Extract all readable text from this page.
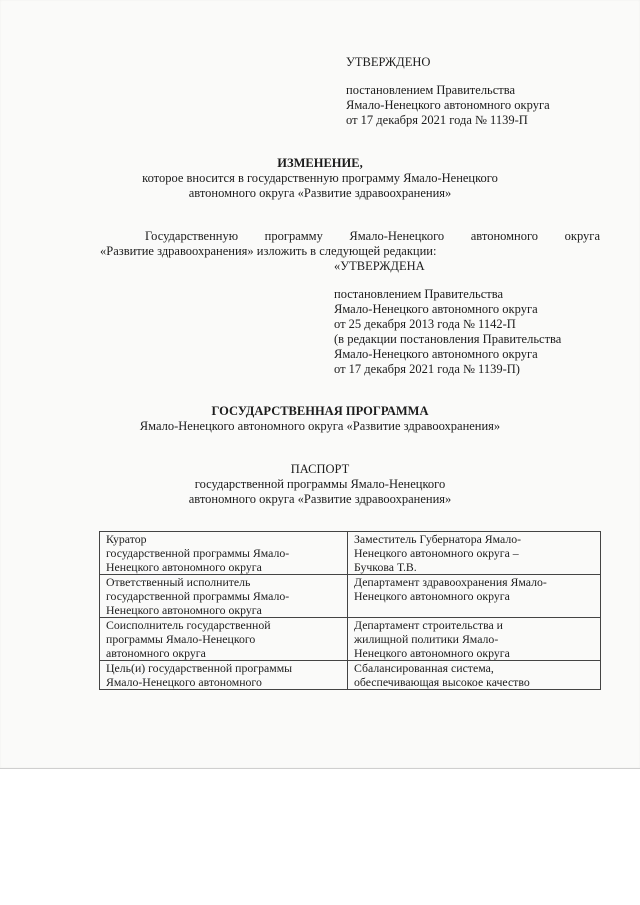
УТВЕРЖДЕНО
постановлением Правительства
Ямало-Ненецкого автономного округа
от 17 декабря 2021 года № 1139-П
ИЗМЕНЕНИЕ,
которое вносится в государственную программу Ямало-Ненецкого
автономного округа «Развитие здравоохранения»
Государственную программу Ямало-Ненецкого автономного округа
«Развитие здравоохранения» изложить в следующей редакции:
«УТВЕРЖДЕНА
постановлением Правительства
Ямало-Ненецкого автономного округа
от 25 декабря 2013 года № 1142-П
(в редакции постановления Правительства
Ямало-Ненецкого автономного округа
от 17 декабря 2021 года № 1139-П)
ГОСУДАРСТВЕННАЯ ПРОГРАММА
Ямало-Ненецкого автономного округа «Развитие здравоохранения»
ПАСПОРТ
государственной программы Ямало-Ненецкого
автономного округа «Развитие здравоохранения»
Куратор
государственной программы Ямало-
Ненецкого автономного округа	Заместитель Губернатора Ямало-
Ненецкого автономного округа –
Бучкова Т.В.

Ответственный исполнитель
государственной программы Ямало-
Ненецкого автономного округа	Департамент здравоохранения Ямало-
Ненецкого автономного округа

Соисполнитель государственной
программы Ямало-Ненецкого
автономного округа	Департамент строительства и
жилищной политики Ямало-
Ненецкого автономного округа

Цель(и) государственной программы
Ямало-Ненецкого автономного	Сбалансированная система,
обеспечивающая высокое качество
